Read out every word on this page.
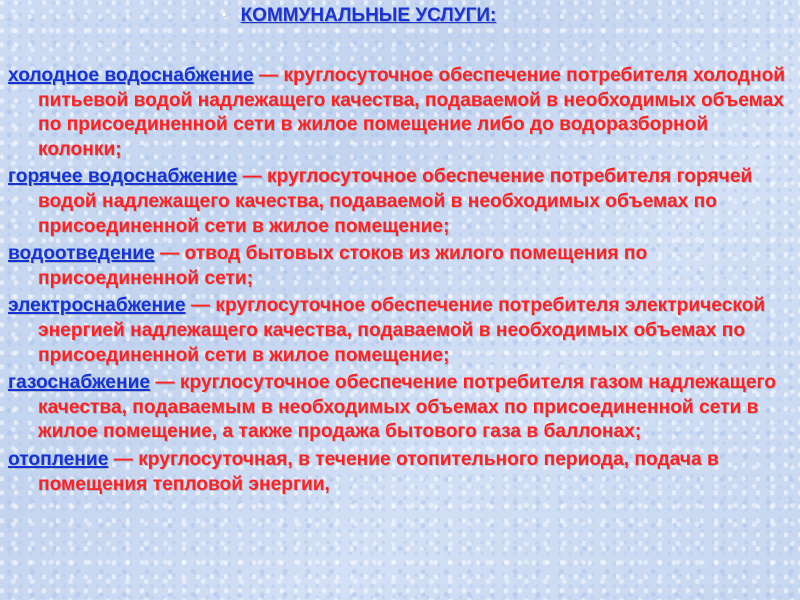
• КОММУНАЛЬНЫЕ УСЛУГИ:

холодное водоснабжение — круглосуточное обеспечение потребителя холодной питьевой водой надлежащего качества, подаваемой в необходимых объемах по присоединенной сети в жилое помещение либо до водоразборной колонки;

горячее водоснабжение — круглосуточное обеспечение потребителя горячей водой надлежащего качества, подаваемой в необходимых объемах по присоединенной сети в жилое помещение;

водоотведение — отвод бытовых стоков из жилого помещения по присоединенной сети;

электроснабжение — круглосуточное обеспечение потребителя электрической энергией надлежащего качества, подаваемой в необходимых объемах по присоединенной сети в жилое помещение;

газоснабжение — круглосуточное обеспечение потребителя газом надлежащего качества, подаваемым в необходимых объемах по присоединенной сети в жилое помещение, а также продажа бытового газа в баллонах;

отопление — круглосуточная, в течение отопительного периода, подача в помещения тепловой энергии,
